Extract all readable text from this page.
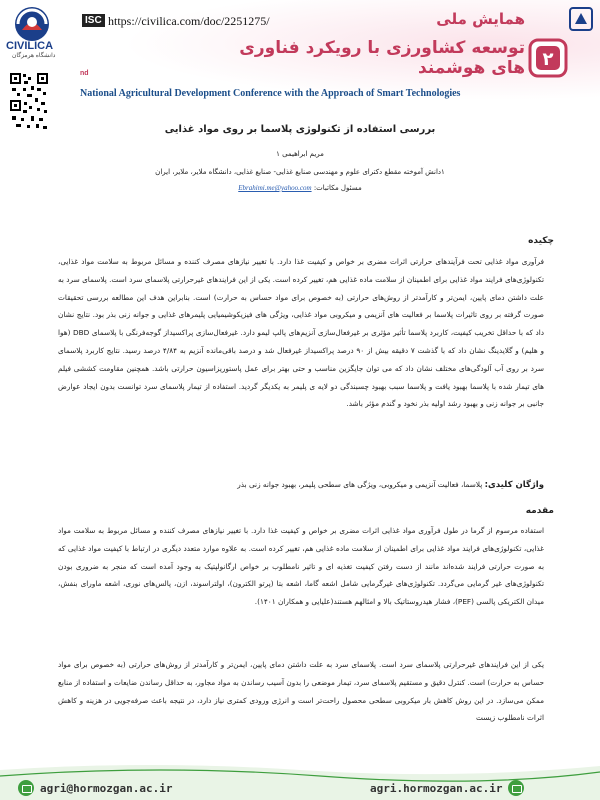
CIVILICA
دانشگاه هرمزگان
ISC https://civilica.com/doc/2251275/	همایش ملی
توسعه کشاورزی با رویکرد فناوری های هوشمند ۲
nd
National Agricultural Development Conference with the Approach of Smart Technologies
بررسی استفاده از تکنولوژی پلاسما بر روی مواد غذایی
مریم ابراهیمی ۱
۱دانش آموخته مقطع دکترای علوم و مهندسی صنایع غذایی- صنایع غذایی، دانشگاه ملایر، ملایر، ایران
مسئول مکاتبات: Ebrahimi.me@yahoo.com
چکیده
فرآوری مواد غذایی تحت فرآیندهای حرارتی اثرات مضری بر خواص و کیفیت غذا دارد. با تغییر نیازهای مصرف کننده و مسائل مربوط به سلامت مواد غذایی، تکنولوژی‌های فرایند مواد غذایی برای اطمینان از سلامت ماده غذایی هم، تغییر کرده است. یکی از این فرایندهای غیرحرارتی پلاسمای سرد است. پلاسمای سرد به علت داشتن دمای پایین، ایمن‌تر و کارآمدتر از روش‌های حرارتی (به خصوص برای مواد حساس به حرارت) است. بنابراین هدف این مطالعه بررسی تحقیقات صورت گرفته بر روی تاثیرات پلاسما بر فعالیت های آنزیمی و میکروبی مواد غذایی، ویژگی های فیزیکوشیمیایی پلیمرهای غذایی و جوانه زنی بذر بود. نتایج نشان داد که با حداقل تخریب کیفیت، کاربرد پلاسما تأثیر مؤثری بر غیرفعال‌سازی آنزیم‌های پالپ لیمو دارد. غیرفعال‌سازی پراکسیداز گوجه‌فرنگی با پلاسمای DBD (هوا و هلیم) و گلایدینگ نشان داد که با گذشت ۷ دقیقه بیش از ۹۰ درصد پراکسیداز غیرفعال شد و درصد باقی‌مانده آنزیم به ۴/۸۴ درصد رسید. نتایج کاربرد پلاسمای سرد بر روی آب آلودگی‌های مختلف نشان داد که می توان جایگزین مناسب و حتی بهتر برای عمل پاستوریزاسیون حرارتی باشد. همچنین مقاومت کششی فیلم های تیمار شده با پلاسما بهبود یافت و پلاسما سبب بهبود چسبندگی دو لایه ی پلیمر به یکدیگر گردید. استفاده از تیمار پلاسمای سرد توانست بدون ایجاد عوارض جانبی بر جوانه زنی و بهبود رشد اولیه بذر نخود و گندم مؤثر باشد.
واژگان کلیدی: پلاسما، فعالیت آنزیمی و میکروبی، ویژگی های سطحی پلیمر، بهبود جوانه زنی بذر
مقدمه
استفاده مرسوم از گرما در طول فرآوری مواد غذایی اثرات مضری بر خواص و کیفیت غذا دارد. با تغییر نیازهای مصرف کننده و مسائل مربوط به سلامت مواد غذایی، تکنولوژی‌های فرایند مواد غذایی برای اطمینان از سلامت ماده غذایی هم، تغییر کرده است. به علاوه موارد متعدد دیگری در ارتباط با کیفیت مواد غذایی که به صورت حرارتی فرایند شده‌اند مانند از دست رفتن کیفیت تغذیه ای و تاثیر نامطلوب بر خواص ارگانولپتیک به وجود آمده است که منجر به ضروری بودن تکنولوژی‌های غیر گرمایی می‌گردد. تکنولوژی‌های غیرگرمایی شامل اشعه گاما، اشعه بتا (پرتو الکترون)، اولترا‌سوند، ازن، پالس‌های نوری، اشعه ماورای بنفش، میدان الکتریکی پالسی (PEF)، فشار هیدروستاتیک بالا و امثالهم هستند(علیایی و همکاران ۱۴۰۱).
یکی از این فرایندهای غیرحرارتی پلاسمای سرد است. پلاسمای سرد به علت داشتن دمای پایین، ایمن‌تر و کارآمدتر از روش‌های حرارتی (به خصوص برای مواد حساس به حرارت) است. کنترل دقیق و مستقیم پلاسمای سرد، تیمار موضعی را بدون آسیب رساندن به مواد مجاور، به حداقل رساندن ضایعات و استفاده از منابع ممکن می‌سازد. در این روش کاهش بار میکروبی سطحی محصول راحت‌تر است و انرژی ورودی کمتری نیاز دارد، در نتیجه باعث صرفه‌جویی در هزینه و کاهش اثرات نامطلوب زیست
agri@hormozgan.ac.ir	agri.hormozgan.ac.ir
